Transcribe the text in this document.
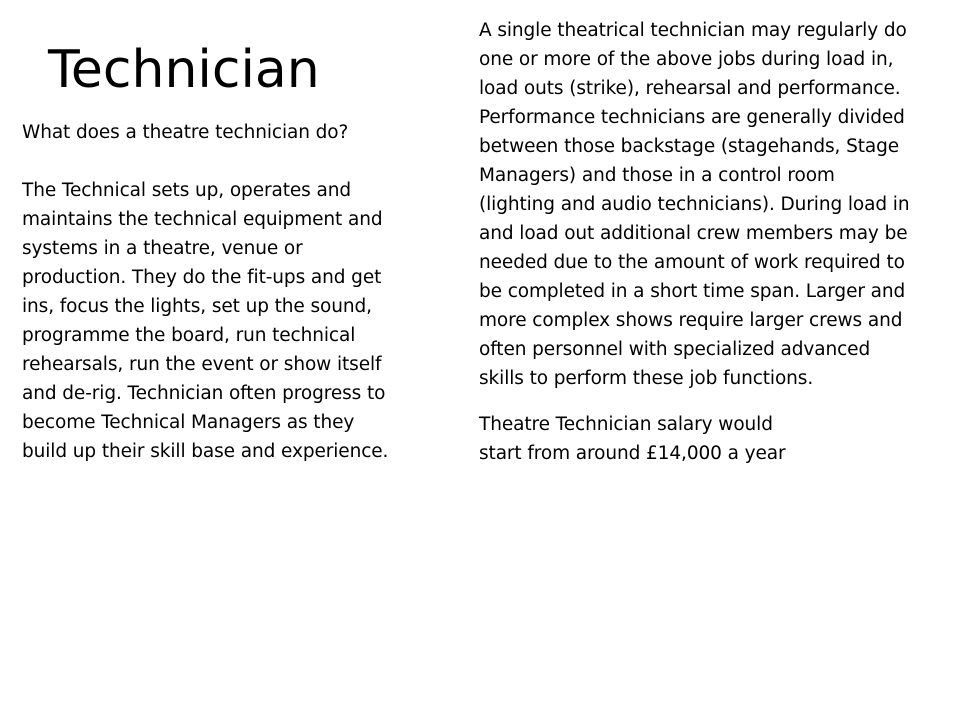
Technician

What does a theatre technician do?

The Technical sets up, operates and
maintains the technical equipment and
systems in a theatre, venue or
production. They do the fit-ups and get
ins, focus the lights, set up the sound,
programme the board, run technical
rehearsals, run the event or show itself
and de-rig. Technician often progress to
become Technical Managers as they
build up their skill base and experience.

A single theatrical technician may regularly do
one or more of the above jobs during load in,
load outs (strike), rehearsal and performance.
Performance technicians are generally divided
between those backstage (stagehands, Stage
Managers) and those in a control room
(lighting and audio technicians). During load in
and load out additional crew members may be
needed due to the amount of work required to
be completed in a short time span. Larger and
more complex shows require larger crews and
often personnel with specialized advanced
skills to perform these job functions.

Theatre Technician salary would
start from around £14,000 a year
